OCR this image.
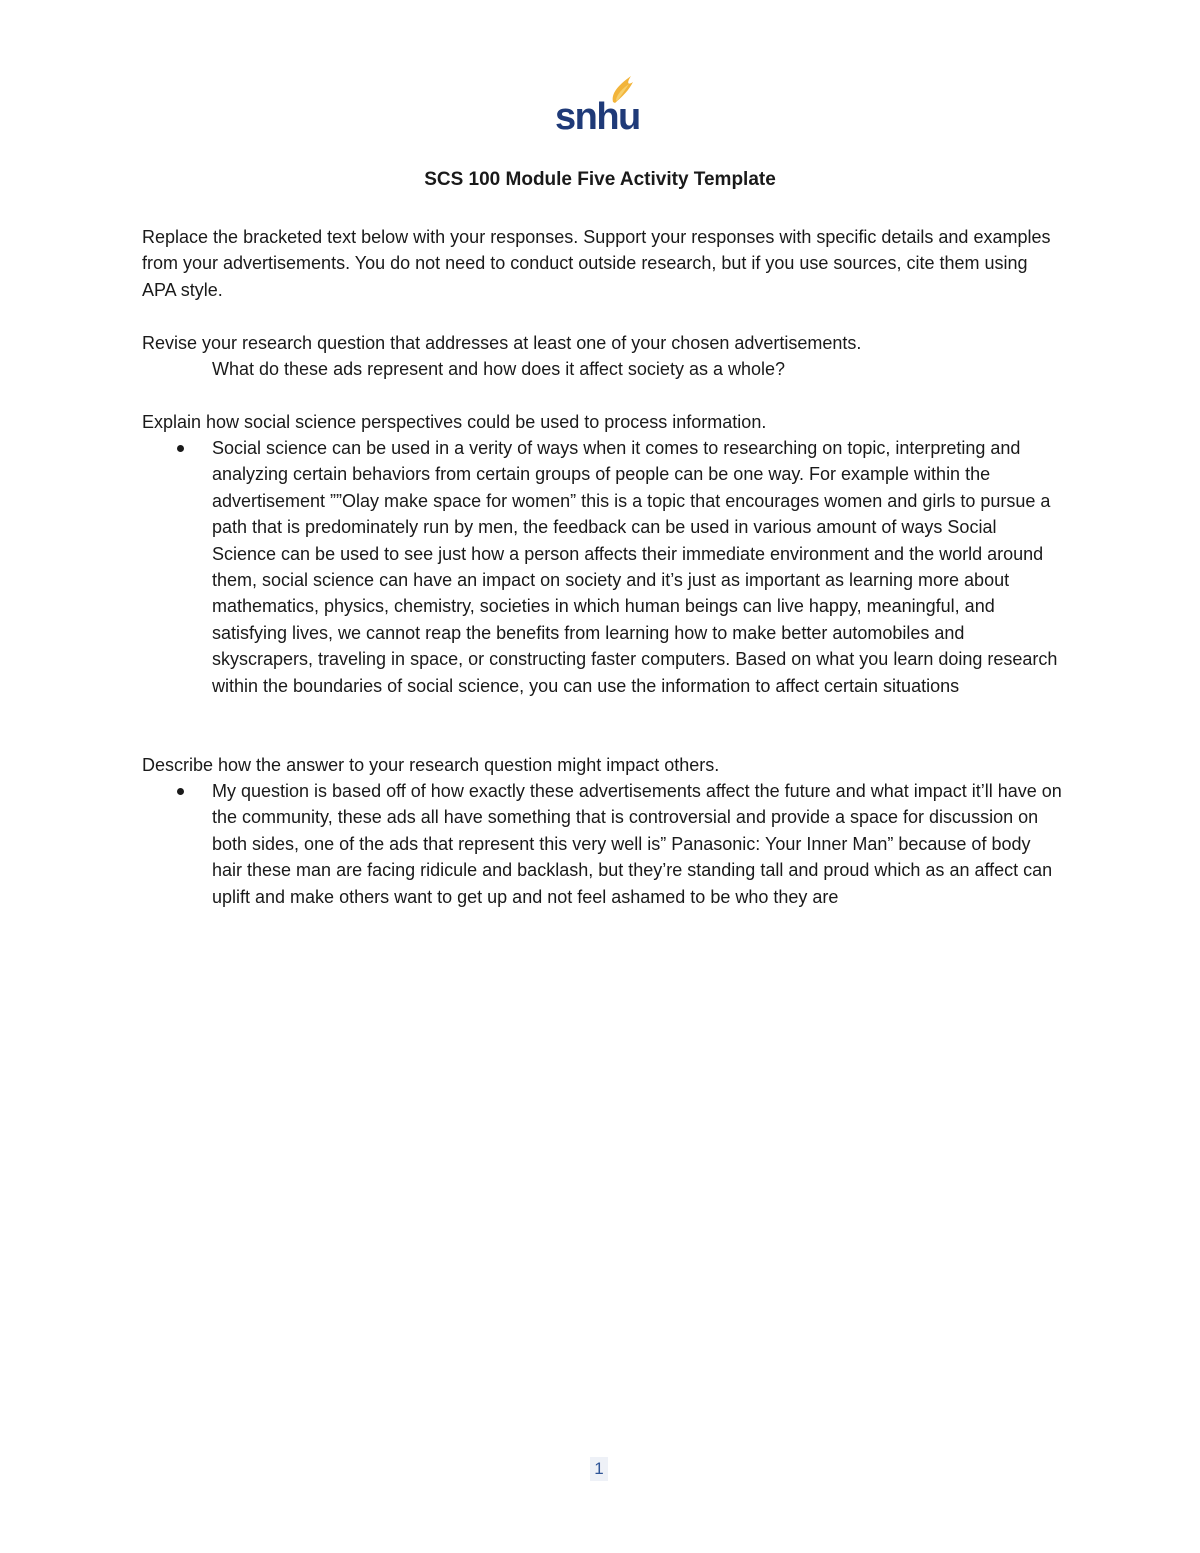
snhu
SCS 100 Module Five Activity Template
Replace the bracketed text below with your responses. Support your responses with specific details and examples from your advertisements. You do not need to conduct outside research, but if you use sources, cite them using APA style.
Revise your research question that addresses at least one of your chosen advertisements.
What do these ads represent and how does it affect society as a whole?
Explain how social science perspectives could be used to process information.
Social science can be used in a verity of ways when it comes to researching on topic, interpreting and analyzing certain behaviors from certain groups of people can be one way. For example within the advertisement ””Olay make space for women” this is a topic that encourages women and girls to pursue a path that is predominately run by men, the feedback can be used in various amount of ways Social Science can be used to see just how a person affects their immediate environment and the world around them, social science can have an impact on society and it’s just as important as learning more about mathematics, physics, chemistry, societies in which human beings can live happy, meaningful, and satisfying lives, we cannot reap the benefits from learning how to make better automobiles and skyscrapers, traveling in space, or constructing faster computers. Based on what you learn doing research within the boundaries of social science, you can use the information to affect certain situations
Describe how the answer to your research question might impact others.
My question is based off of how exactly these advertisements affect the future and what impact it’ll have on the community, these ads all have something that is controversial and provide a space for discussion on both sides, one of the ads that represent this very well is” Panasonic: Your Inner Man” because of body hair these man are facing ridicule and backlash, but they’re standing tall and proud which as an affect can uplift and make others want to get up and not feel ashamed to be who they are
1
